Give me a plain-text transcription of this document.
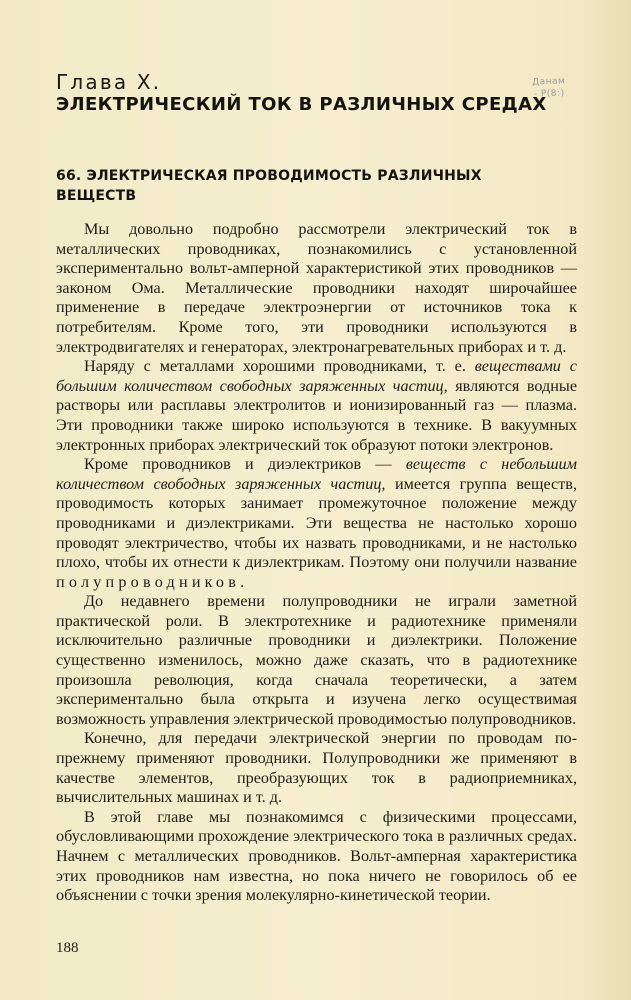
Данам
- Р(8:)
Глава X.
ЭЛЕКТРИЧЕСКИЙ ТОК В РАЗЛИЧНЫХ СРЕДАХ
66. ЭЛЕКТРИЧЕСКАЯ ПРОВОДИМОСТЬ РАЗЛИЧНЫХ ВЕЩЕСТВ

Мы довольно подробно рассмотрели электрический ток в металлических проводниках, познакомились с установленной экспериментально вольт-амперной характеристикой этих проводников — законом Ома. Металлические проводники находят широчайшее применение в передаче электроэнергии от источников тока к потребителям. Кроме того, эти проводники используются в электродвигателях и генераторах, электронагревательных приборах и т. д.

Наряду с металлами хорошими проводниками, т. е. веществами с большим количеством свободных заряженных частиц, являются водные растворы или расплавы электролитов и ионизированный газ — плазма. Эти проводники также широко используются в технике. В вакуумных электронных приборах электрический ток образуют потоки электронов.

Кроме проводников и диэлектриков — веществ с небольшим количеством свободных заряженных частиц, имеется группа веществ, проводимость которых занимает промежуточное положение между проводниками и диэлектриками. Эти вещества не настолько хорошо проводят электричество, чтобы их назвать проводниками, и не настолько плохо, чтобы их отнести к диэлектрикам. Поэтому они получили название полупроводников.

До недавнего времени полупроводники не играли заметной практической роли. В электротехнике и радиотехнике применяли исключительно различные проводники и диэлектрики. Положение существенно изменилось, можно даже сказать, что в радиотехнике произошла революция, когда сначала теоретически, а затем экспериментально была открыта и изучена легко осуществимая возможность управления электрической проводимостью полупроводников.

Конечно, для передачи электрической энергии по проводам по-прежнему применяют проводники. Полупроводники же применяют в качестве элементов, преобразующих ток в радиоприемниках, вычислительных машинах и т. д.

В этой главе мы познакомимся с физическими процессами, обусловливающими прохождение электрического тока в различных средах. Начнем с металлических проводников. Вольт-амперная характеристика этих проводников нам известна, но пока ничего не говорилось об ее объяснении с точки зрения молекулярно-кинетической теории.

188
